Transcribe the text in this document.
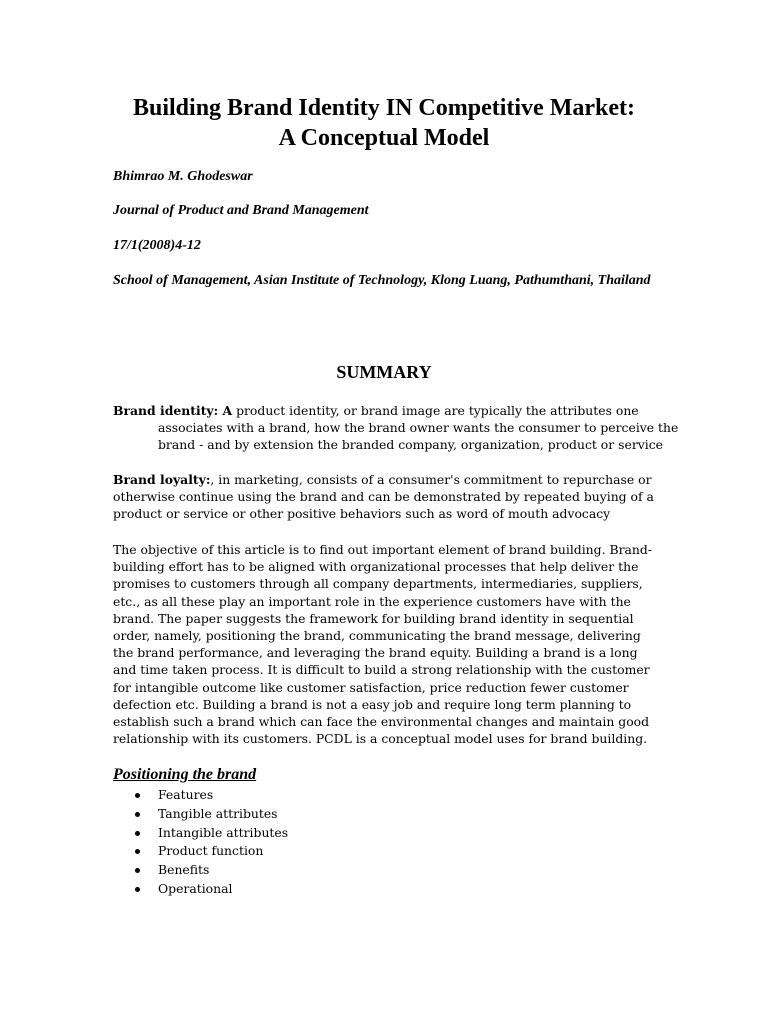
Building Brand Identity IN Competitive Market:
A Conceptual Model

Bhimrao M. Ghodeswar

Journal of Product and Brand Management

17/1(2008)4-12

School of Management, Asian Institute of Technology, Klong Luang, Pathumthani, Thailand

SUMMARY

Brand identity: A product identity, or brand image are typically the attributes one associates with a brand, how the brand owner wants the consumer to perceive the brand - and by extension the branded company, organization, product or service

Brand loyalty:, in marketing, consists of a consumer's commitment to repurchase or otherwise continue using the brand and can be demonstrated by repeated buying of a product or service or other positive behaviors such as word of mouth advocacy

The objective of this article is to find out important element of brand building. Brand-building effort has to be aligned with organizational processes that help deliver the promises to customers through all company departments, intermediaries, suppliers, etc., as all these play an important role in the experience customers have with the brand. The paper suggests the framework for building brand identity in sequential order, namely, positioning the brand, communicating the brand message, delivering the brand performance, and leveraging the brand equity. Building a brand is a long and time taken process. It is difficult to build a strong relationship with the customer for intangible outcome like customer satisfaction, price reduction fewer customer defection etc. Building a brand is not a easy job and require long term planning to establish such a brand which can face the environmental changes and maintain good relationship with its customers. PCDL is a conceptual model uses for brand building.

Positioning the brand
Features
Tangible attributes
Intangible attributes
Product function
Benefits
Operational
